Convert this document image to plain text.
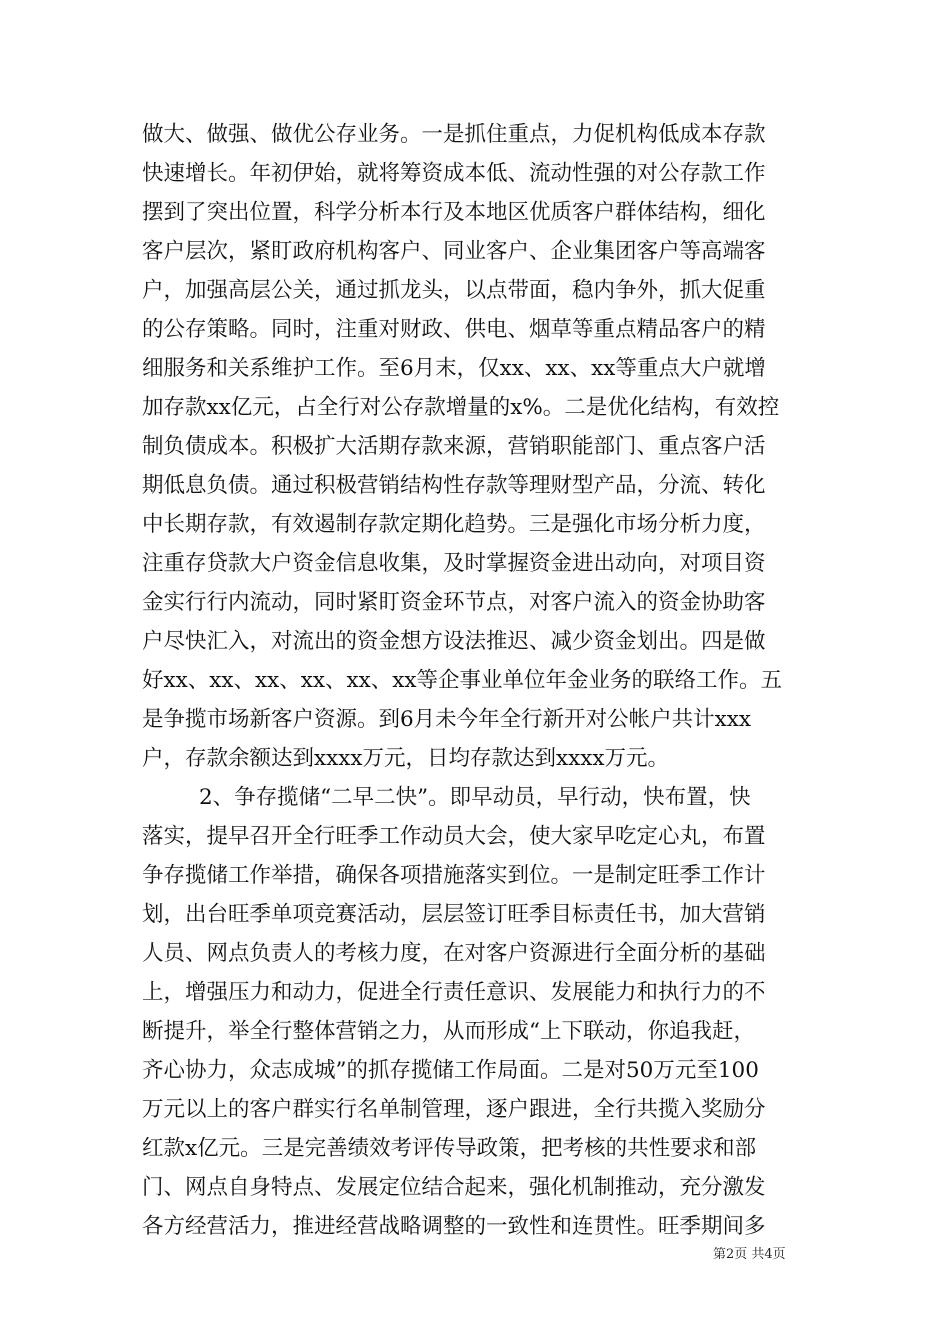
做大、做强、做优公存业务。一是抓住重点，力促机构低成本存款
快速增长。年初伊始，就将筹资成本低、流动性强的对公存款工作
摆到了突出位置，科学分析本行及本地区优质客户群体结构，细化
客户层次，紧盯政府机构客户、同业客户、企业集团客户等高端客
户，加强高层公关，通过抓龙头，以点带面，稳内争外，抓大促重
的公存策略。同时，注重对财政、供电、烟草等重点精品客户的精
细服务和关系维护工作。至6月末，仅xx、xx、xx等重点大户就增
加存款xx亿元，占全行对公存款增量的x%。二是优化结构，有效控
制负债成本。积极扩大活期存款来源，营销职能部门、重点客户活
期低息负债。通过积极营销结构性存款等理财型产品，分流、转化
中长期存款，有效遏制存款定期化趋势。三是强化市场分析力度，
注重存贷款大户资金信息收集，及时掌握资金进出动向，对项目资
金实行行内流动，同时紧盯资金环节点，对客户流入的资金协助客
户尽快汇入，对流出的资金想方设法推迟、减少资金划出。四是做
好xx、xx、xx、xx、xx、xx等企事业单位年金业务的联络工作。五
是争揽市场新客户资源。到6月未今年全行新开对公帐户共计xxx
户，存款余额达到xxxx万元，日均存款达到xxxx万元。
2、争存揽储“二早二快”。即早动员，早行动，快布置，快
落实，提早召开全行旺季工作动员大会，使大家早吃定心丸，布置
争存揽储工作举措，确保各项措施落实到位。一是制定旺季工作计
划，出台旺季单项竞赛活动，层层签订旺季目标责任书，加大营销
人员、网点负责人的考核力度，在对客户资源进行全面分析的基础
上，增强压力和动力，促进全行责任意识、发展能力和执行力的不
断提升，举全行整体营销之力，从而形成“上下联动，你追我赶，
齐心协力，众志成城”的抓存揽储工作局面。二是对50万元至100
万元以上的客户群实行名单制管理，逐户跟进，全行共揽入奖励分
红款x亿元。三是完善绩效考评传导政策，把考核的共性要求和部
门、网点自身特点、发展定位结合起来，强化机制推动，充分激发
各方经营活力，推进经营战略调整的一致性和连贯性。旺季期间多
第2页 共4页
